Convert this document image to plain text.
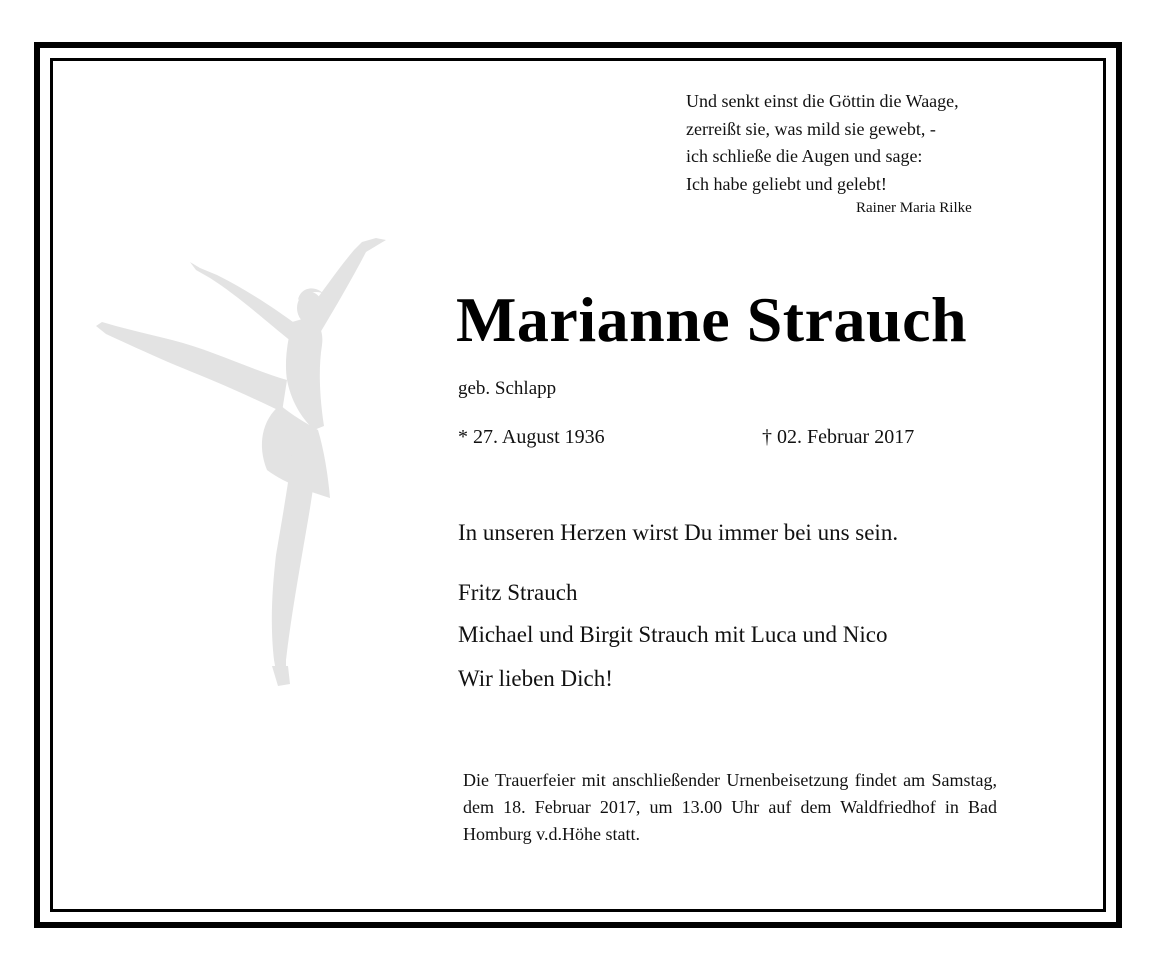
Und senkt einst die Göttin die Waage,
zerreißt sie, was mild sie gewebt, -
ich schließe die Augen und sage:
Ich habe geliebt und gelebt!
Rainer Maria Rilke
Marianne Strauch
geb. Schlapp
* 27. August 1936	† 02. Februar 2017
In unseren Herzen wirst Du immer bei uns sein.
Fritz Strauch
Michael und Birgit Strauch mit Luca und Nico
Wir lieben Dich!
Die Trauerfeier mit anschließender Urnenbeisetzung findet am Samstag, dem 18. Februar 2017, um 13.00 Uhr auf dem Waldfriedhof in Bad Homburg v.d.Höhe statt.
